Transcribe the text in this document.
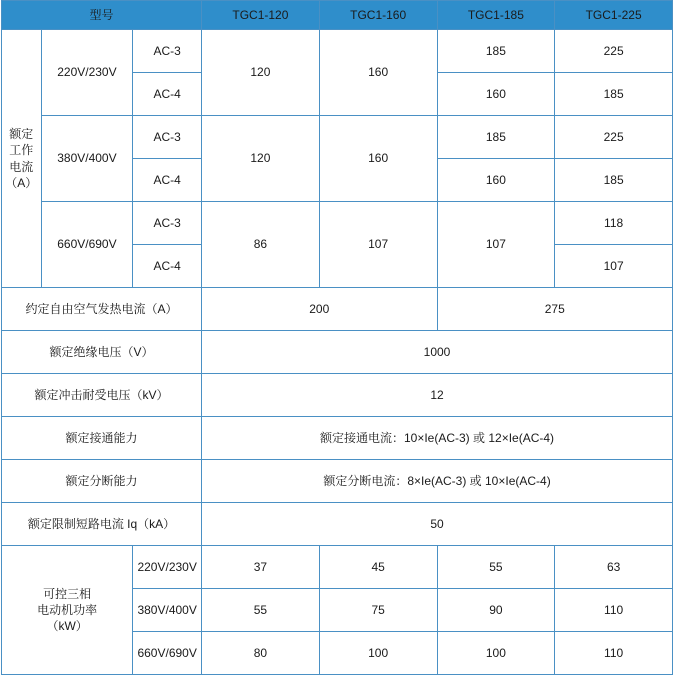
型号			TGC1-120	TGC1-160	TGC1-185	TGC1-225

额定
工作
电流
（A）	220V/230V	AC-3	120	160	185	225
		AC-4			160	185
	380V/400V	AC-3	120	160	185	225
		AC-4			160	185
	660V/690V	AC-3	86	107	107	118
		AC-4				107
约定自由空气发热电流（A）			200		275	
额定绝缘电压（V）			1000			
额定冲击耐受电压（kV）			12			
额定接通能力			额定接通电流：10×Ie(AC-3) 或 12×Ie(AC-4)			
额定分断能力			额定分断电流：8×Ie(AC-3) 或 10×Ie(AC-4)			
额定限制短路电流 Iq（kA）			50			

可控三相
电动机功率
（kW）		220V/230V	37	45	55	63
		380V/400V	55	75	90	110
		660V/690V	80	100	100	110
